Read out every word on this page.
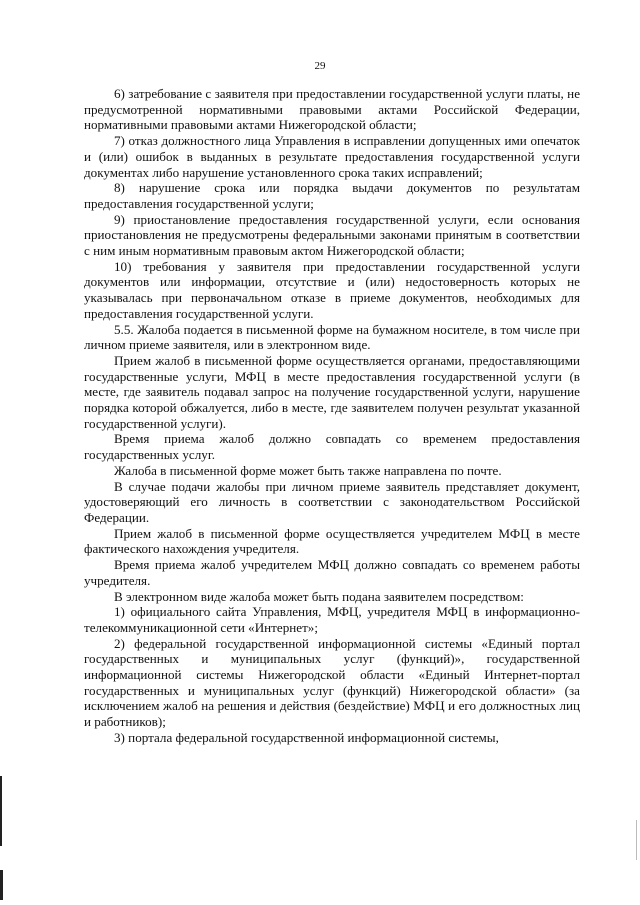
29

6) затребование с заявителя при предоставлении государственной услуги платы, не предусмотренной нормативными правовыми актами Российской Федерации, нормативными правовыми актами Нижегородской области;

7) отказ должностного лица Управления в исправлении допущенных ими опечаток и (или) ошибок в выданных в результате предоставления государственной услуги документах либо нарушение установленного срока таких исправлений;

8) нарушение срока или порядка выдачи документов по результатам предоставления государственной услуги;

9) приостановление предоставления государственной услуги, если основания приостановления не предусмотрены федеральными законами принятым в соответствии с ним иным нормативным правовым актом Нижегородской области;

10) требования у заявителя при предоставлении государственной услуги документов или информации, отсутствие и (или) недостоверность которых не указывалась при первоначальном отказе в приеме документов, необходимых для предоставления государственной услуги.

5.5. Жалоба подается в письменной форме на бумажном носителе, в том числе при личном приеме заявителя, или в электронном виде.

Прием жалоб в письменной форме осуществляется органами, предоставляющими государственные услуги, МФЦ в месте предоставления государственной услуги (в месте, где заявитель подавал запрос на получение государственной услуги, нарушение порядка которой обжалуется, либо в месте, где заявителем получен результат указанной государственной услуги).

Время приема жалоб должно совпадать со временем предоставления государственных услуг.

Жалоба в письменной форме может быть также направлена по почте.

В случае подачи жалобы при личном приеме заявитель представляет документ, удостоверяющий его личность в соответствии с законодательством Российской Федерации.

Прием жалоб в письменной форме осуществляется учредителем МФЦ в месте фактического нахождения учредителя.

Время приема жалоб учредителем МФЦ должно совпадать со временем работы учредителя.

В электронном виде жалоба может быть подана заявителем посредством:

1) официального сайта Управления, МФЦ, учредителя МФЦ в информационно-телекоммуникационной сети «Интернет»;

2) федеральной государственной информационной системы «Единый портал государственных и муниципальных услуг (функций)», государственной информационной системы Нижегородской области «Единый Интернет-портал государственных и муниципальных услуг (функций) Нижегородской области» (за исключением жалоб на решения и действия (бездействие) МФЦ и его должностных лиц и работников);

3) портала федеральной государственной информационной системы,
